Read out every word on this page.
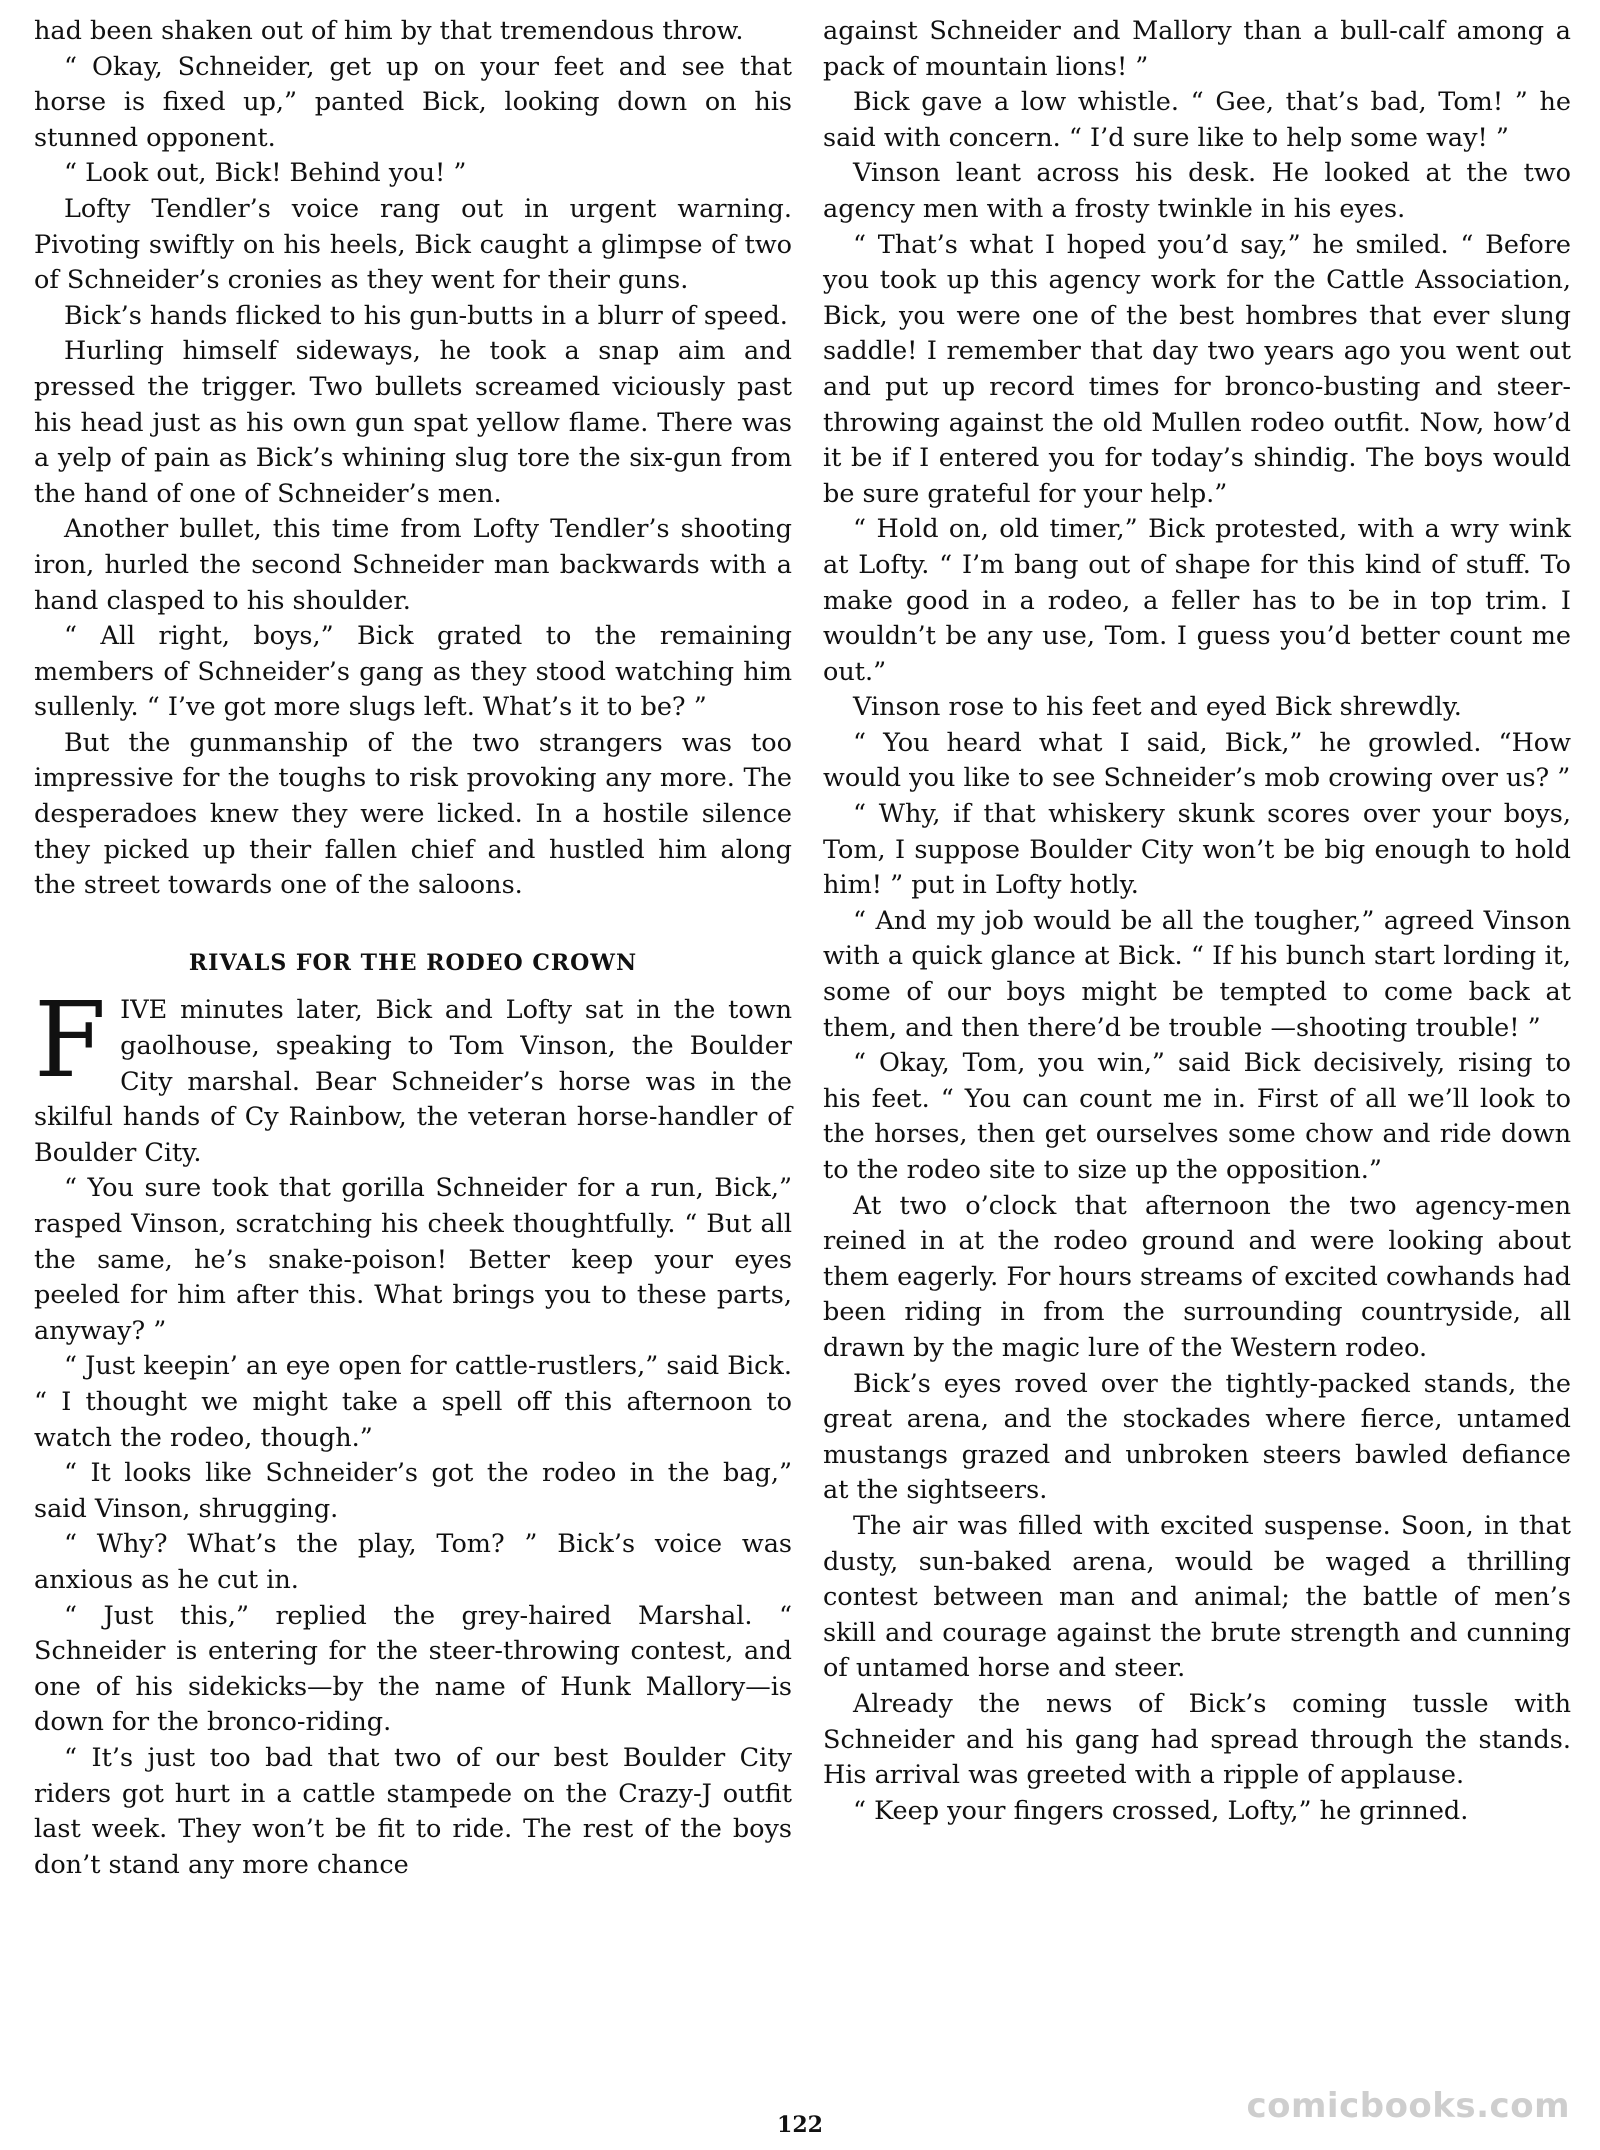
had been shaken out of him by that tremendous throw.

“ Okay, Schneider, get up on your feet and see that horse is fixed up,” panted Bick, looking down on his stunned opponent.

“ Look out, Bick! Behind you! ”

Lofty Tendler’s voice rang out in urgent warning. Pivoting swiftly on his heels, Bick caught a glimpse of two of Schneider’s cronies as they went for their guns.

Bick’s hands flicked to his gun-butts in a blurr of speed.

Hurling himself sideways, he took a snap aim and pressed the trigger. Two bullets screamed viciously past his head just as his own gun spat yellow flame. There was a yelp of pain as Bick’s whining slug tore the six-gun from the hand of one of Schneider’s men.

Another bullet, this time from Lofty Tendler’s shooting iron, hurled the second Schneider man backwards with a hand clasped to his shoulder.

“ All right, boys,” Bick grated to the remaining members of Schneider’s gang as they stood watching him sullenly. “ I’ve got more slugs left. What’s it to be? ”

But the gunmanship of the two strangers was too impressive for the toughs to risk provoking any more. The desperadoes knew they were licked. In a hostile silence they picked up their fallen chief and hustled him along the street towards one of the saloons.

RIVALS FOR THE RODEO CROWN

FIVE minutes later, Bick and Lofty sat in the town gaolhouse, speaking to Tom Vinson, the Boulder City marshal. Bear Schneider’s horse was in the skilful hands of Cy Rainbow, the veteran horse-handler of Boulder City.

“ You sure took that gorilla Schneider for a run, Bick,” rasped Vinson, scratching his cheek thoughtfully. “ But all the same, he’s snake-poison! Better keep your eyes peeled for him after this. What brings you to these parts, anyway? ”

“ Just keepin’ an eye open for cattle-rustlers,” said Bick. “ I thought we might take a spell off this afternoon to watch the rodeo, though.”

“ It looks like Schneider’s got the rodeo in the bag,” said Vinson, shrugging.

“ Why? What’s the play, Tom? ” Bick’s voice was anxious as he cut in.

“ Just this,” replied the grey-haired Marshal. “ Schneider is entering for the steer-throwing contest, and one of his sidekicks—by the name of Hunk Mallory—is down for the bronco-riding.

“ It’s just too bad that two of our best Boulder City riders got hurt in a cattle stampede on the Crazy-J outfit last week. They won’t be fit to ride. The rest of the boys don’t stand any more chance

against Schneider and Mallory than a bull-calf among a pack of mountain lions! ”

Bick gave a low whistle. “ Gee, that’s bad, Tom! ” he said with concern. “ I’d sure like to help some way! ”

Vinson leant across his desk. He looked at the two agency men with a frosty twinkle in his eyes.

“ That’s what I hoped you’d say,” he smiled. “ Before you took up this agency work for the Cattle Association, Bick, you were one of the best hombres that ever slung saddle! I remember that day two years ago you went out and put up record times for bronco-busting and steer-throwing against the old Mullen rodeo outfit. Now, how’d it be if I entered you for today’s shindig. The boys would be sure grateful for your help.”

“ Hold on, old timer,” Bick protested, with a wry wink at Lofty. “ I’m bang out of shape for this kind of stuff. To make good in a rodeo, a feller has to be in top trim. I wouldn’t be any use, Tom. I guess you’d better count me out.”

Vinson rose to his feet and eyed Bick shrewdly.

“ You heard what I said, Bick,” he growled. “How would you like to see Schneider’s mob crowing over us? ”

“ Why, if that whiskery skunk scores over your boys, Tom, I suppose Boulder City won’t be big enough to hold him! ” put in Lofty hotly.

“ And my job would be all the tougher,” agreed Vinson with a quick glance at Bick. “ If his bunch start lording it, some of our boys might be tempted to come back at them, and then there’d be trouble —shooting trouble! ”

“ Okay, Tom, you win,” said Bick decisively, rising to his feet. “ You can count me in. First of all we’ll look to the horses, then get ourselves some chow and ride down to the rodeo site to size up the opposition.”

At two o’clock that afternoon the two agency-men reined in at the rodeo ground and were looking about them eagerly. For hours streams of excited cowhands had been riding in from the surrounding countryside, all drawn by the magic lure of the Western rodeo.

Bick’s eyes roved over the tightly-packed stands, the great arena, and the stockades where fierce, untamed mustangs grazed and unbroken steers bawled defiance at the sightseers.

The air was filled with excited suspense. Soon, in that dusty, sun-baked arena, would be waged a thrilling contest between man and animal; the battle of men’s skill and courage against the brute strength and cunning of untamed horse and steer.

Already the news of Bick’s coming tussle with Schneider and his gang had spread through the stands. His arrival was greeted with a ripple of applause.

“ Keep your fingers crossed, Lofty,” he grinned.

122	comicbooks.com
